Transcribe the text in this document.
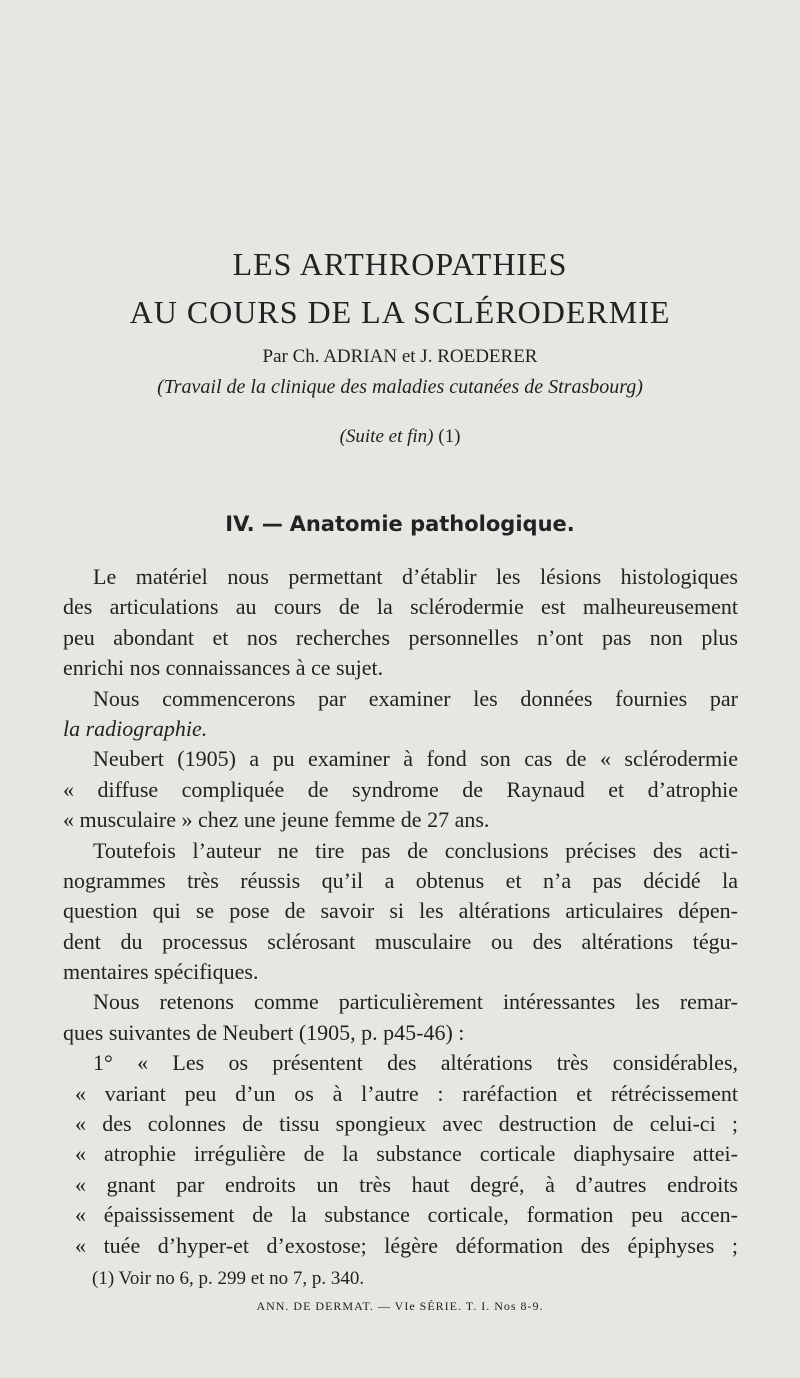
LES ARTHROPATHIES
AU COURS DE LA SCLÉRODERMIE
Par Ch. ADRIAN et J. ROEDERER
(Travail de la clinique des maladies cutanées de Strasbourg)
(Suite et fin) (1)
IV. — Anatomie pathologique.
Le matériel nous permettant d’établir les lésions histologiques
des articulations au cours de la sclérodermie est malheureusement
peu abondant et nos recherches personnelles n’ont pas non plus
enrichi nos connaissances à ce sujet.
Nous commencerons par examiner les données fournies par
la radiographie.
Neubert (1905) a pu examiner à fond son cas de « sclérodermie
« diffuse compliquée de syndrome de Raynaud et d’atrophie
« musculaire » chez une jeune femme de 27 ans.
Toutefois l’auteur ne tire pas de conclusions précises des acti-
nogrammes très réussis qu’il a obtenus et n’a pas décidé la
question qui se pose de savoir si les altérations articulaires dépen-
dent du processus sclérosant musculaire ou des altérations tégu-
mentaires spécifiques.
Nous retenons comme particulièrement intéressantes les remar-
ques suivantes de Neubert (1905, p. p45-46) :
1° « Les os présentent des altérations très considérables,
« variant peu d’un os à l’autre : raréfaction et rétrécissement
« des colonnes de tissu spongieux avec destruction de celui-ci ;
« atrophie irrégulière de la substance corticale diaphysaire attei-
« gnant par endroits un très haut degré, à d’autres endroits
« épaississement de la substance corticale, formation peu accen-
« tuée d’hyper-et d’exostose; légère déformation des épiphyses ;
(1) Voir no 6, p. 299 et no 7, p. 340.
ANN. DE DERMAT. — VIe SÉRIE. T. I. Nos 8-9.
